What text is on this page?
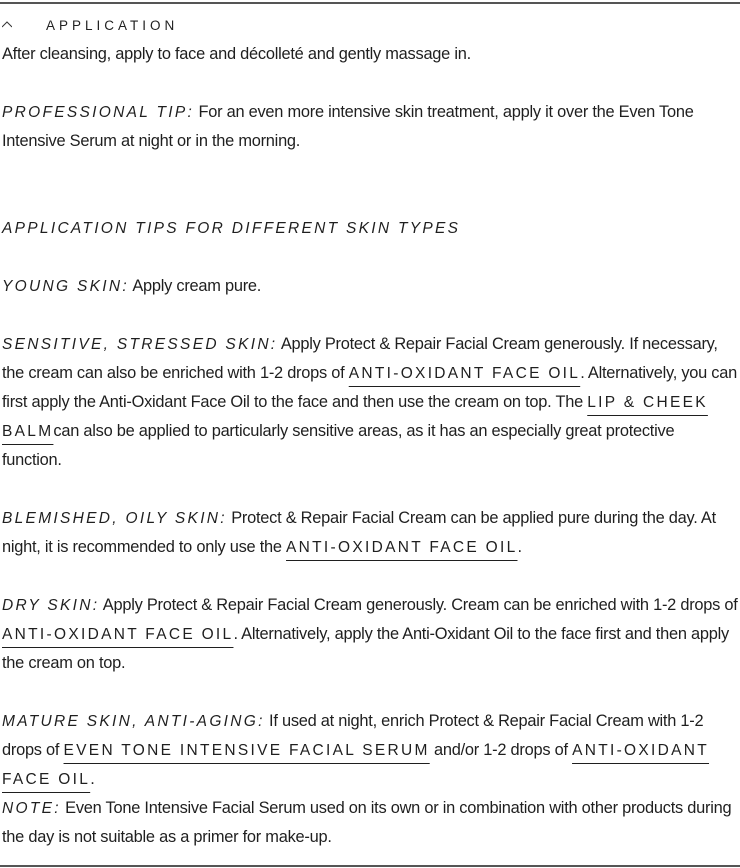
APPLICATION

After cleansing, apply to face and décolleté and gently massage in.

PROFESSIONAL TIP: For an even more intensive skin treatment, apply it over the Even Tone Intensive Serum at night or in the morning.

APPLICATION TIPS FOR DIFFERENT SKIN TYPES

YOUNG SKIN: Apply cream pure.

SENSITIVE, STRESSED SKIN: Apply Protect & Repair Facial Cream generously. If necessary, the cream can also be enriched with 1-2 drops of ANTI-OXIDANT FACE OIL. Alternatively, you can first apply the Anti-Oxidant Face Oil to the face and then use the cream on top. The LIP & CHEEK BALMcan also be applied to particularly sensitive areas, as it has an especially great protective function.

BLEMISHED, OILY SKIN: Protect & Repair Facial Cream can be applied pure during the day. At night, it is recommended to only use the ANTI-OXIDANT FACE OIL.

DRY SKIN: Apply Protect & Repair Facial Cream generously. Cream can be enriched with 1-2 drops of ANTI-OXIDANT FACE OIL. Alternatively, apply the Anti-Oxidant Oil to the face first and then apply the cream on top.

MATURE SKIN, ANTI-AGING: If used at night, enrich Protect & Repair Facial Cream with 1-2 drops of EVEN TONE INTENSIVE FACIAL SERUM and/or 1-2 drops of ANTI-OXIDANT FACE OIL.

NOTE: Even Tone Intensive Facial Serum used on its own or in combination with other products during the day is not suitable as a primer for make-up.
